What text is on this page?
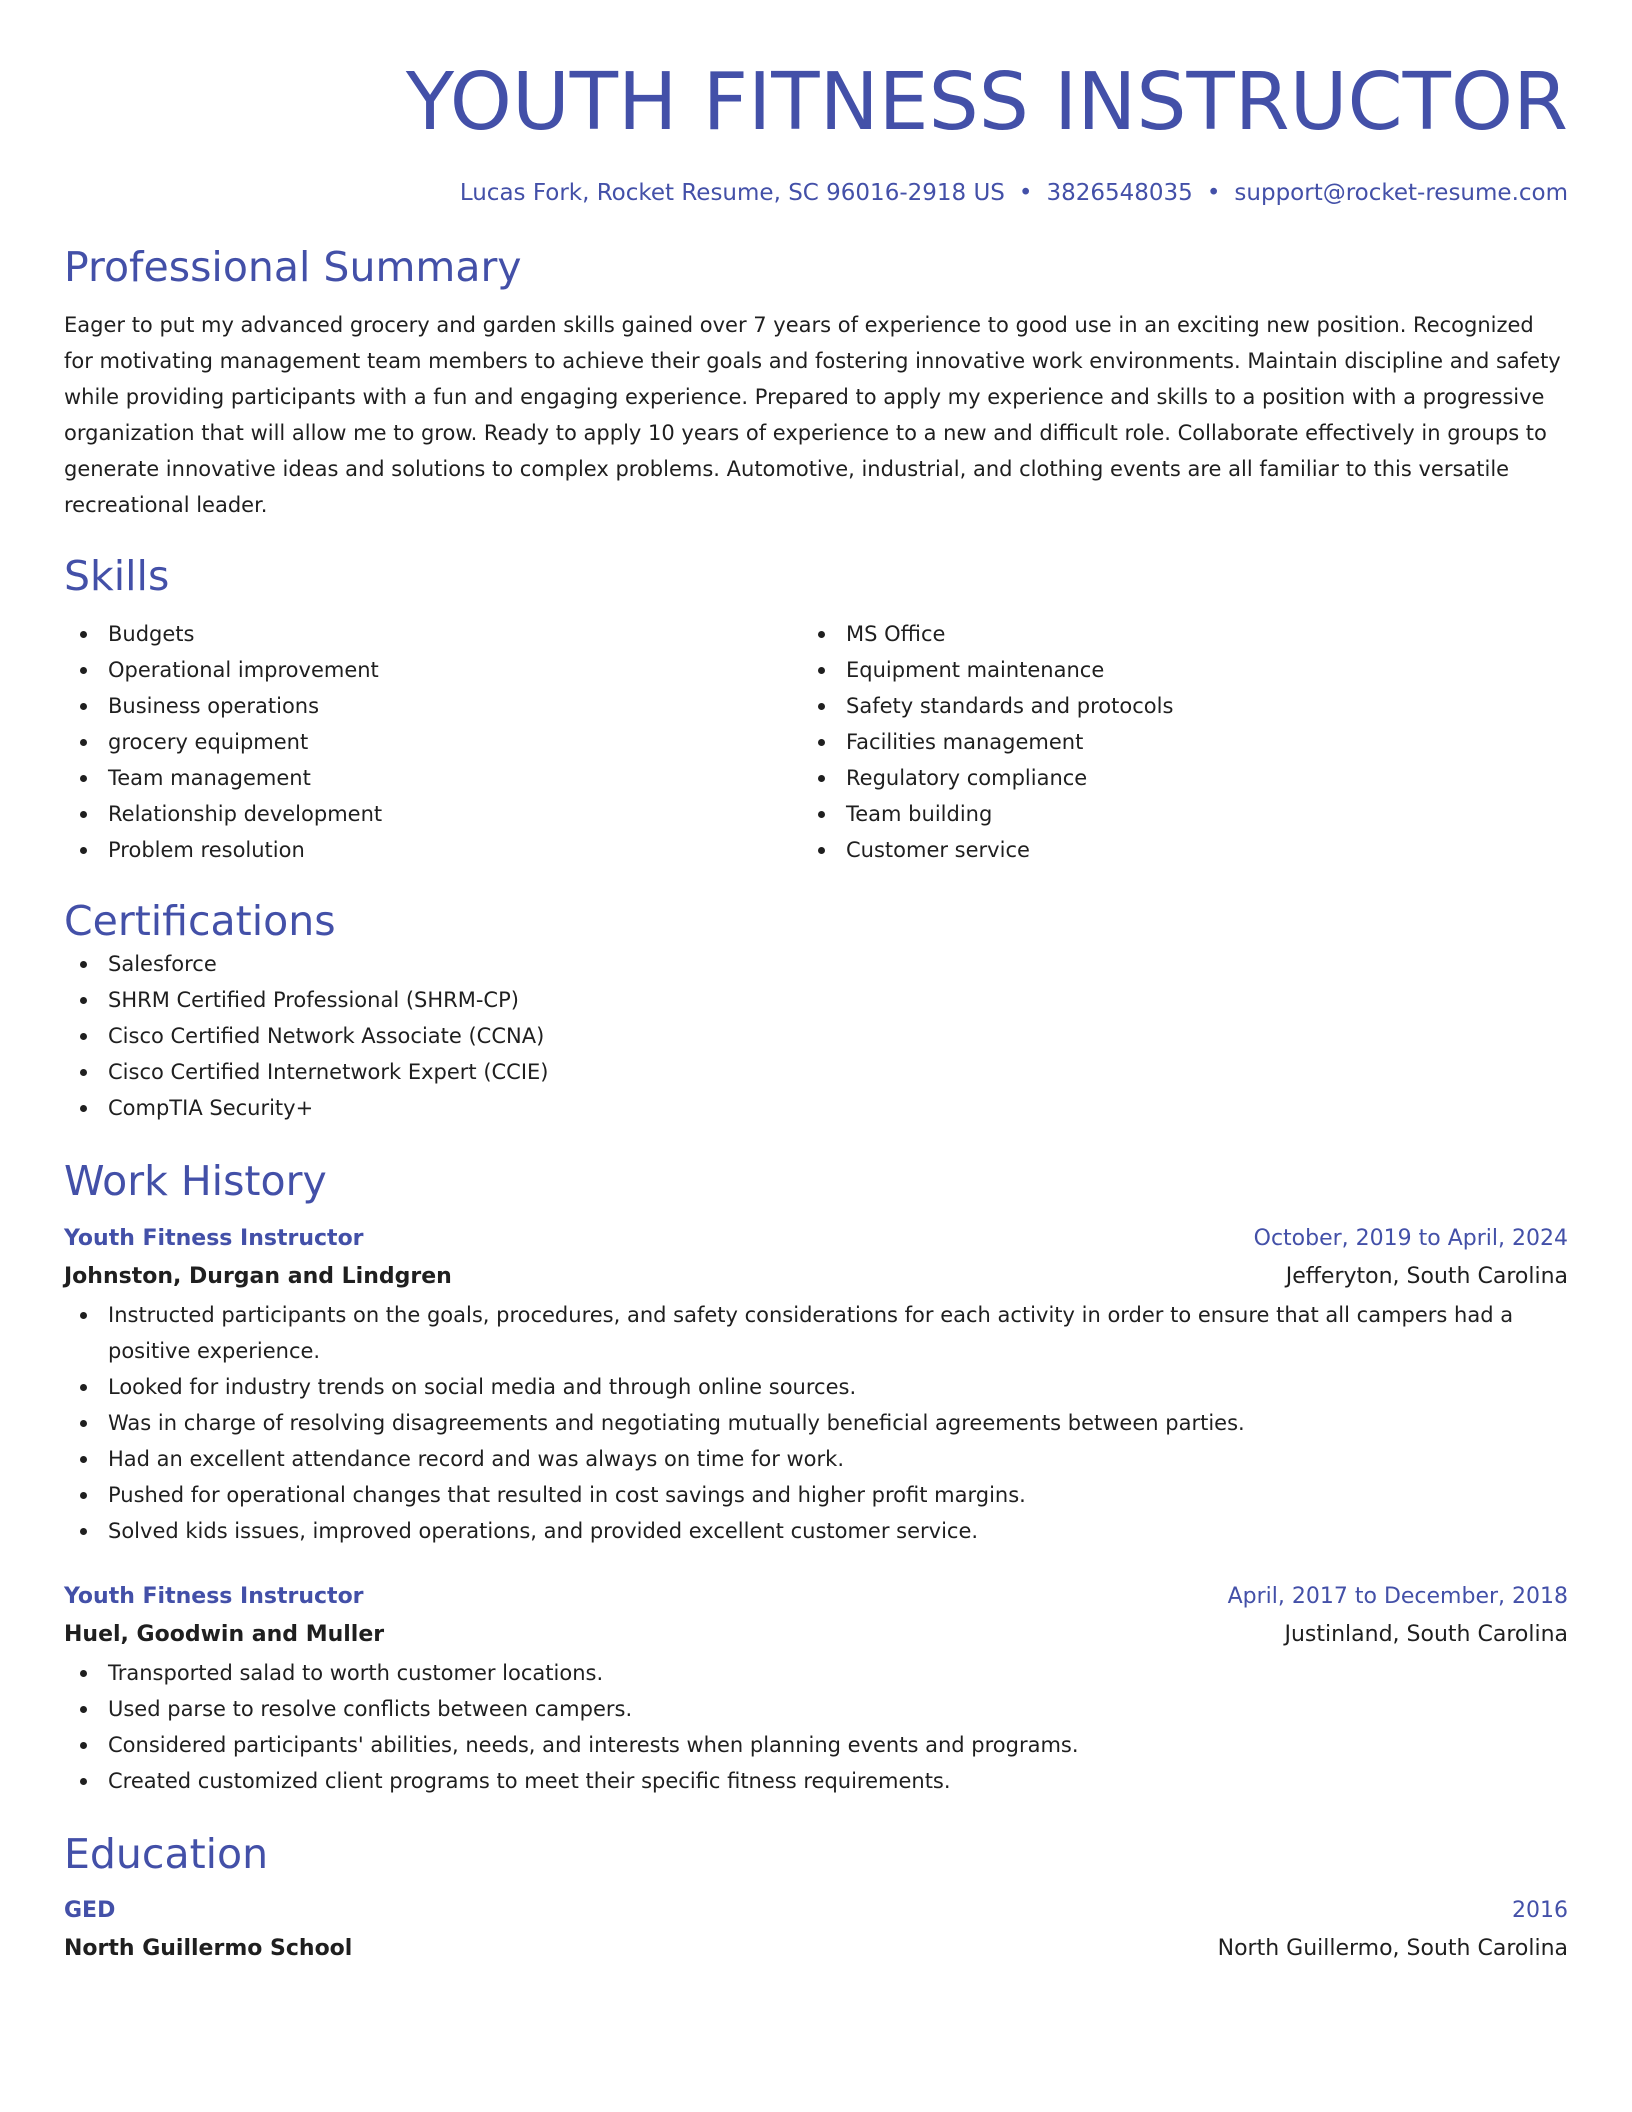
YOUTH FITNESS INSTRUCTOR
Lucas Fork, Rocket Resume, SC 96016-2918 US • 3826548035 • support@rocket-resume.com
Professional Summary

Eager to put my advanced grocery and garden skills gained over 7 years of experience to good use in an exciting new position. Recognized for motivating management team members to achieve their goals and fostering innovative work environments. Maintain discipline and safety while providing participants with a fun and engaging experience. Prepared to apply my experience and skills to a position with a progressive organization that will allow me to grow. Ready to apply 10 years of experience to a new and difficult role. Collaborate effectively in groups to generate innovative ideas and solutions to complex problems. Automotive, industrial, and clothing events are all familiar to this versatile recreational leader.

Skills
Budgets
Operational improvement
Business operations
grocery equipment
Team management
Relationship development
Problem resolution
MS Office
Equipment maintenance
Safety standards and protocols
Facilities management
Regulatory compliance
Team building
Customer service
Certifications
Salesforce
SHRM Certified Professional (SHRM-CP)
Cisco Certified Network Associate (CCNA)
Cisco Certified Internetwork Expert (CCIE)
CompTIA Security+
Work History
Youth Fitness Instructor	October, 2019 to April, 2024
Johnston, Durgan and Lindgren	Jefferyton, South Carolina
Instructed participants on the goals, procedures, and safety considerations for each activity in order to ensure that all campers had a positive experience.
Looked for industry trends on social media and through online sources.
Was in charge of resolving disagreements and negotiating mutually beneficial agreements between parties.
Had an excellent attendance record and was always on time for work.
Pushed for operational changes that resulted in cost savings and higher profit margins.
Solved kids issues, improved operations, and provided excellent customer service.
Youth Fitness Instructor	April, 2017 to December, 2018
Huel, Goodwin and Muller	Justinland, South Carolina
Transported salad to worth customer locations.
Used parse to resolve conflicts between campers.
Considered participants' abilities, needs, and interests when planning events and programs.
Created customized client programs to meet their specific fitness requirements.
Education
GED	2016
North Guillermo School	North Guillermo, South Carolina
